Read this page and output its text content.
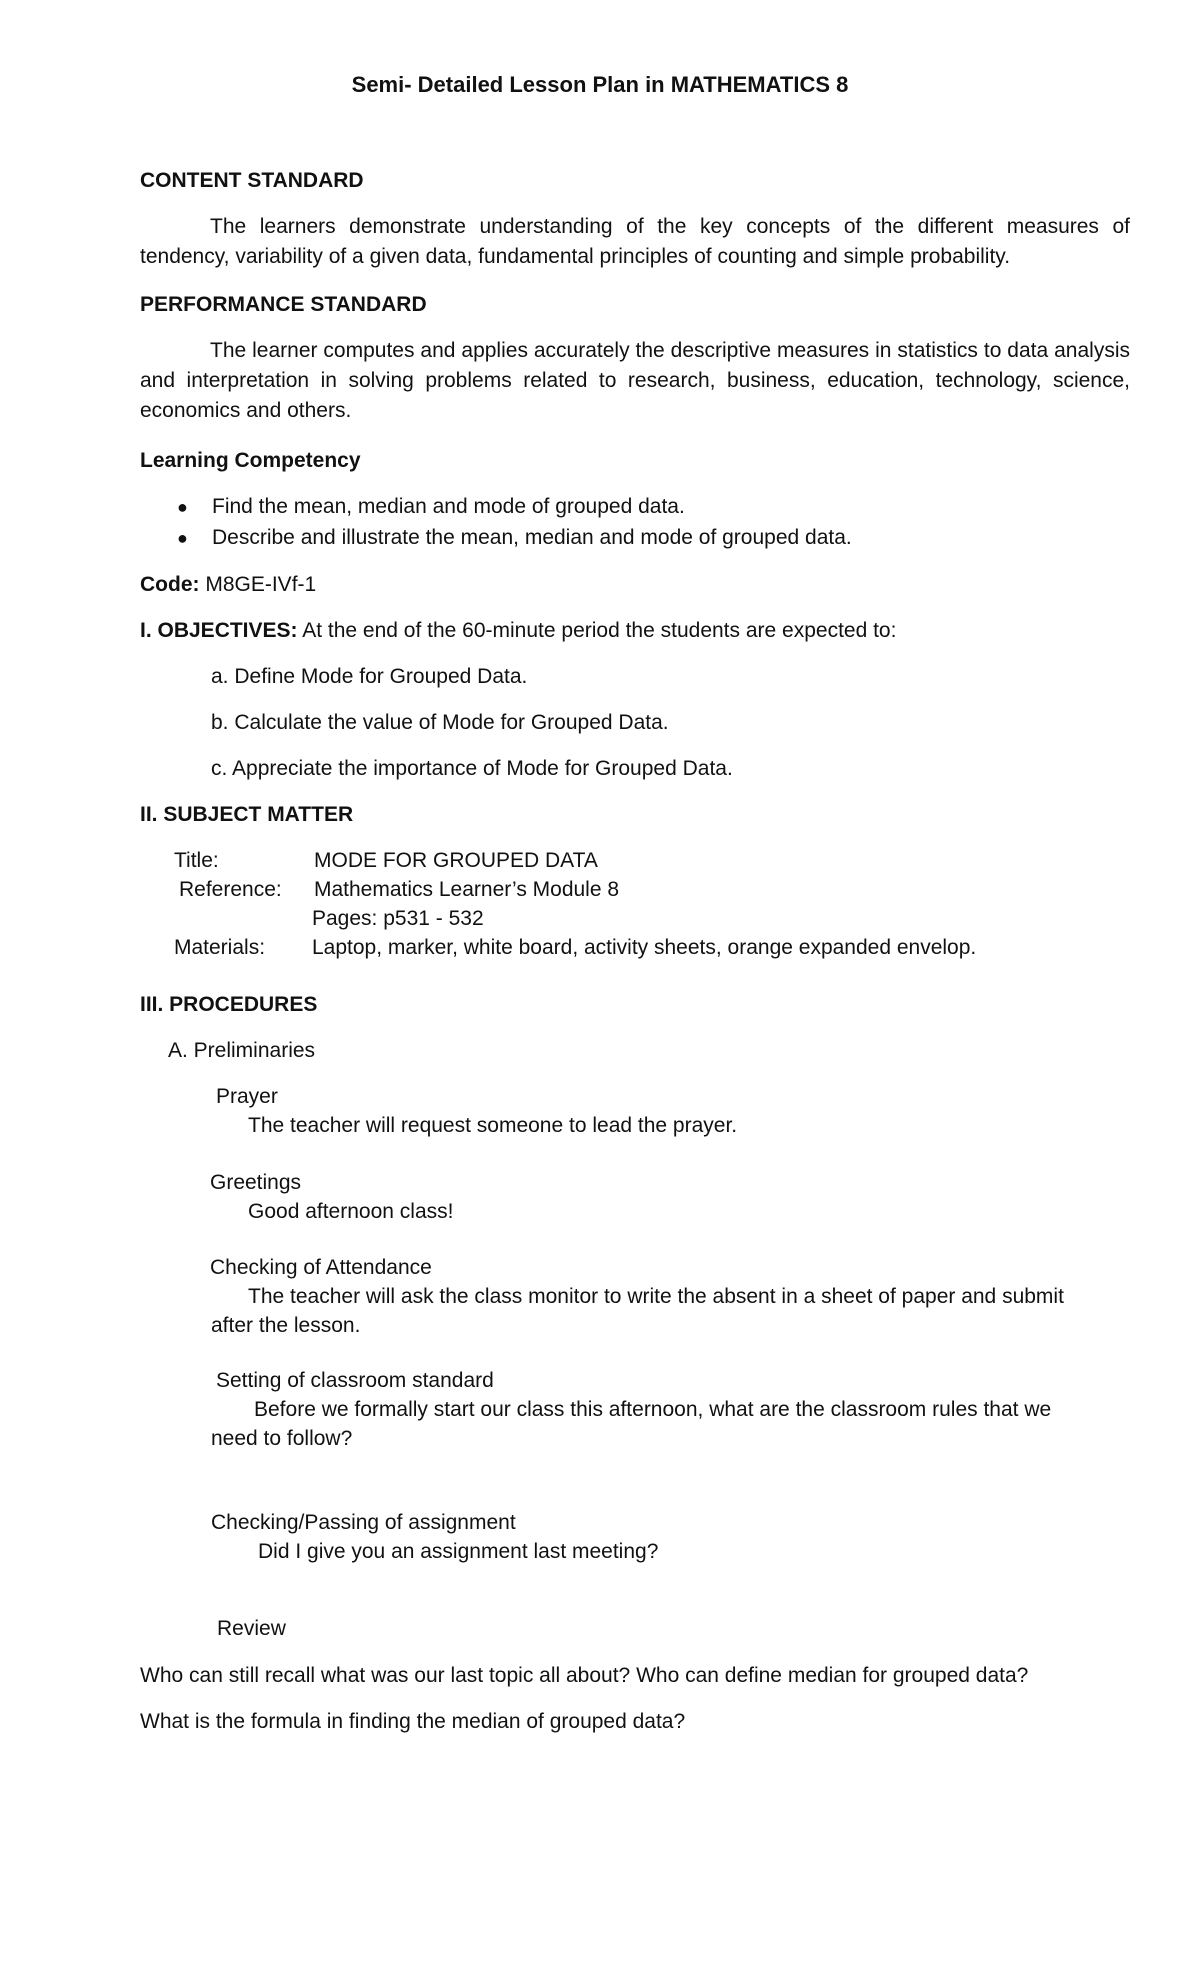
Semi- Detailed Lesson Plan in MATHEMATICS 8
CONTENT STANDARD

The learners demonstrate understanding of the key concepts of the different measures of tendency, variability of a given data, fundamental principles of counting and simple probability.

PERFORMANCE STANDARD

The learner computes and applies accurately the descriptive measures in statistics to data analysis and interpretation in solving problems related to research, business, education, technology, science, economics and others.

Learning Competency
● Find the mean, median and mode of grouped data.
● Describe and illustrate the mean, median and mode of grouped data.
Code: M8GE-IVf-1
I. OBJECTIVES: At the end of the 60-minute period the students are expected to:
a. Define Mode for Grouped Data.
b. Calculate the value of Mode for Grouped Data.
c. Appreciate the importance of Mode for Grouped Data.
II. SUBJECT MATTER
Title:	MODE FOR GROUPED DATA
Reference: Mathematics Learner’s Module 8
Pages: p531 - 532
Materials: Laptop, marker, white board, activity sheets, orange expanded envelop.
III. PROCEDURES
A. Preliminaries
Prayer
The teacher will request someone to lead the prayer.
Greetings
Good afternoon class!
Checking of Attendance
The teacher will ask the class monitor to write the absent in a sheet of paper and submit
after the lesson.
Setting of classroom standard
Before we formally start our class this afternoon, what are the classroom rules that we
need to follow?
Checking/Passing of assignment
Did I give you an assignment last meeting?
Review
Who can still recall what was our last topic all about? Who can define median for grouped data?
What is the formula in finding the median of grouped data?
